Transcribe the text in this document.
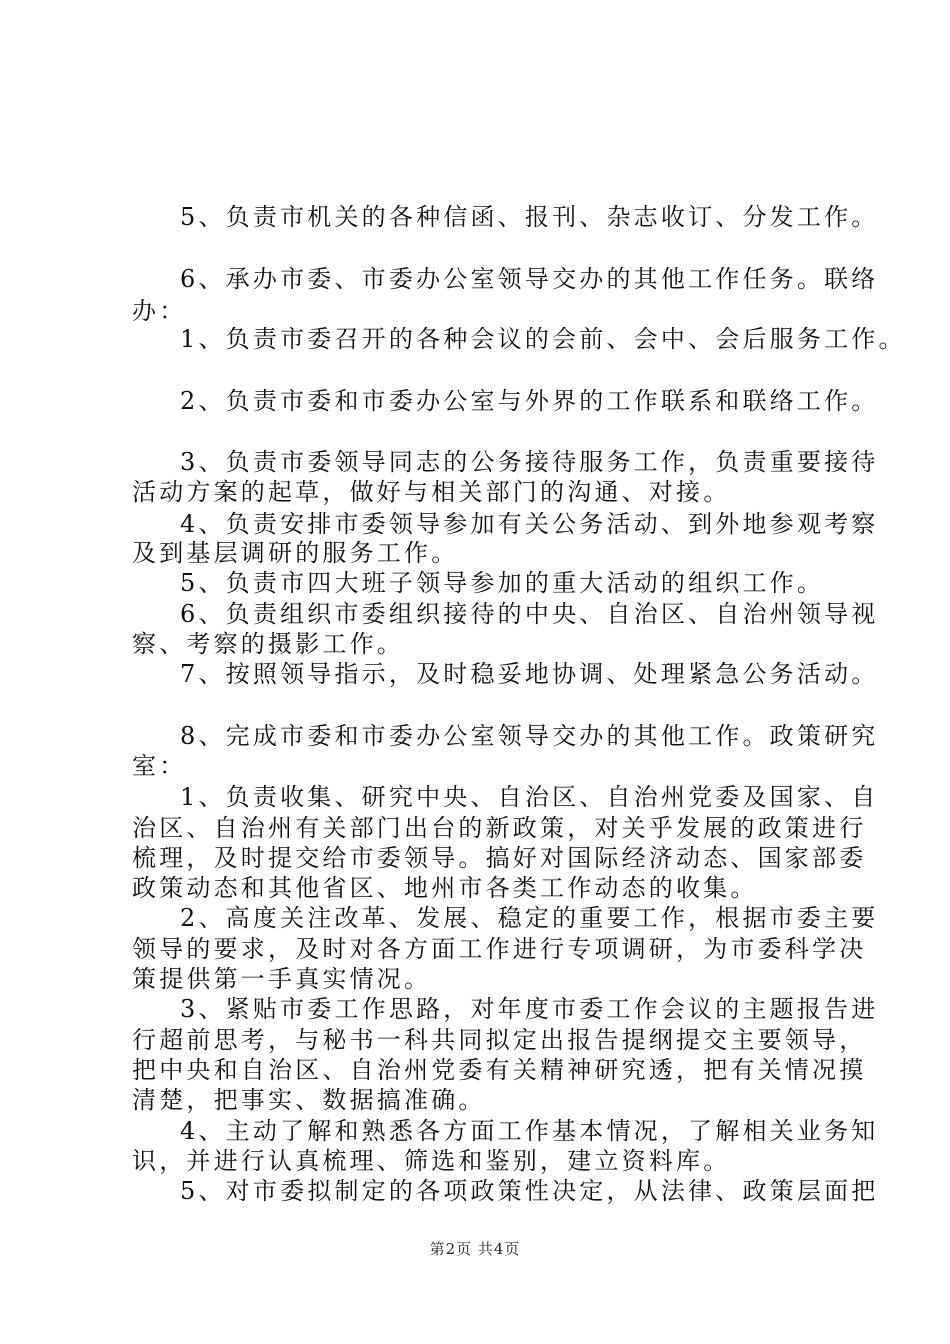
5、负责市机关的各种信函、报刊、杂志收订、分发工作。

6、承办市委、市委办公室领导交办的其他工作任务。联络

办：

1、负责市委召开的各种会议的会前、会中、会后服务工作。

2、负责市委和市委办公室与外界的工作联系和联络工作。

3、负责市委领导同志的公务接待服务工作，负责重要接待

活动方案的起草，做好与相关部门的沟通、对接。

4、负责安排市委领导参加有关公务活动、到外地参观考察

及到基层调研的服务工作。

5、负责市四大班子领导参加的重大活动的组织工作。

6、负责组织市委组织接待的中央、自治区、自治州领导视

察、考察的摄影工作。

7、按照领导指示，及时稳妥地协调、处理紧急公务活动。

8、完成市委和市委办公室领导交办的其他工作。政策研究

室：

1、负责收集、研究中央、自治区、自治州党委及国家、自

治区、自治州有关部门出台的新政策，对关乎发展的政策进行

梳理，及时提交给市委领导。搞好对国际经济动态、国家部委

政策动态和其他省区、地州市各类工作动态的收集。

2、高度关注改革、发展、稳定的重要工作，根据市委主要

领导的要求，及时对各方面工作进行专项调研，为市委科学决

策提供第一手真实情况。

3、紧贴市委工作思路，对年度市委工作会议的主题报告进

行超前思考，与秘书一科共同拟定出报告提纲提交主要领导，

把中央和自治区、自治州党委有关精神研究透，把有关情况摸

清楚，把事实、数据搞准确。

4、主动了解和熟悉各方面工作基本情况，了解相关业务知

识，并进行认真梳理、筛选和鉴别，建立资料库。

5、对市委拟制定的各项政策性决定，从法律、政策层面把

第2页 共4页
